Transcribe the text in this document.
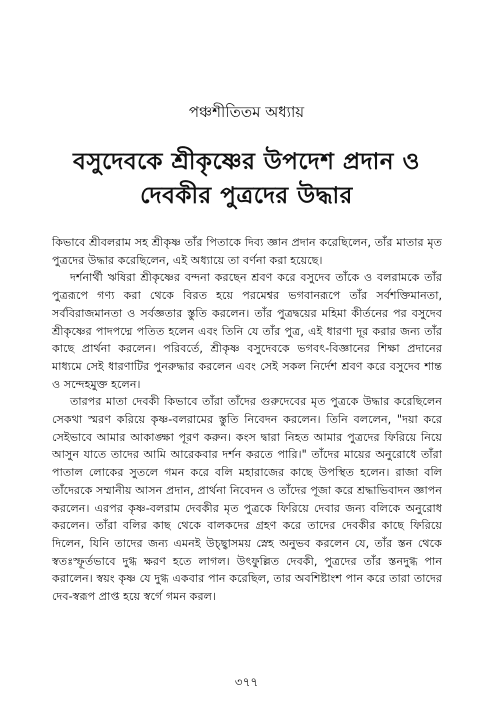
পঞ্চশীতিতম অধ্যায়
বসুদেবকে শ্রীকৃষ্ণের উপদেশ প্রদান ও
দেবকীর পুত্রদের উদ্ধার

কিভাবে শ্রীবলরাম সহ শ্রীকৃষ্ণ তাঁর পিতাকে দিব্য জ্ঞান প্রদান করেছিলেন, তাঁর মাতার মৃত পুত্রদের উদ্ধার করেছিলেন, এই অধ্যায়ে তা বর্ণনা করা হয়েছে।

দর্শনার্থী ঋষিরা শ্রীকৃষ্ণের বন্দনা করছেন শ্রবণ করে বসুদেব তাঁকে ও বলরামকে তাঁর পুত্ররূপে গণ্য করা থেকে বিরত হয়ে পরমেশ্বর ভগবানরূপে তাঁর সর্বশক্তিমানতা, সর্ববিরাজমানতা ও সর্বজ্ঞতার স্তুতি করলেন। তাঁর পুত্রদ্বয়ের মহিমা কীর্তনের পর বসুদেব শ্রীকৃষ্ণের পাদপদ্মে পতিত হলেন এবং তিনি যে তাঁর পুত্র, এই ধারণা দূর করার জন্য তাঁর কাছে প্রার্থনা করলেন। পরিবর্তে, শ্রীকৃষ্ণ বসুদেবকে ভগবৎ-বিজ্ঞানের শিক্ষা প্রদানের মাধ্যমে সেই ধারণাটির পুনরুদ্ধার করলেন এবং সেই সকল নির্দেশ শ্রবণ করে বসুদেব শান্ত ও সন্দেহমুক্ত হলেন।

তারপর মাতা দেবকী কিভাবে তাঁরা তাঁদের গুরুদেবের মৃত পুত্রকে উদ্ধার করেছিলেন সেকথা স্মরণ করিয়ে কৃষ্ণ-বলরামের স্তুতি নিবেদন করলেন। তিনি বললেন, "দয়া করে সেইভাবে আমার আকাঙ্ক্ষা পূরণ করুন। কংস দ্বারা নিহত আমার পুত্রদের ফিরিয়ে নিয়ে আসুন যাতে তাদের আমি আরেকবার দর্শন করতে পারি।" তাঁদের মায়ের অনুরোধে তাঁরা পাতাল লোকের সুতলে গমন করে বলি মহারাজের কাছে উপস্থিত হলেন। রাজা বলি তাঁদেরকে সম্মানীয় আসন প্রদান, প্রার্থনা নিবেদন ও তাঁদের পূজা করে শ্রদ্ধাভিবাদন জ্ঞাপন করলেন। এরপর কৃষ্ণ-বলরাম দেবকীর মৃত পুত্রকে ফিরিয়ে দেবার জন্য বলিকে অনুরোধ করলেন। তাঁরা বলির কাছ থেকে বালকদের গ্রহণ করে তাদের দেবকীর কাছে ফিরিয়ে দিলেন, যিনি তাদের জন্য এমনই উচ্ছ্বাসময় স্নেহ অনুভব করলেন যে, তাঁর স্তন থেকে স্বতঃস্ফূর্তভাবে দুগ্ধ ক্ষরণ হতে লাগল। উৎফুল্লিত দেবকী, পুত্রদের তাঁর স্তনদুগ্ধ পান করালেন। স্বয়ং কৃষ্ণ যে দুগ্ধ একবার পান করেছিল, তার অবশিষ্টাংশ পান করে তারা তাদের দেব-স্বরূপ প্রাপ্ত হয়ে স্বর্গে গমন করল।

৩৭৭
